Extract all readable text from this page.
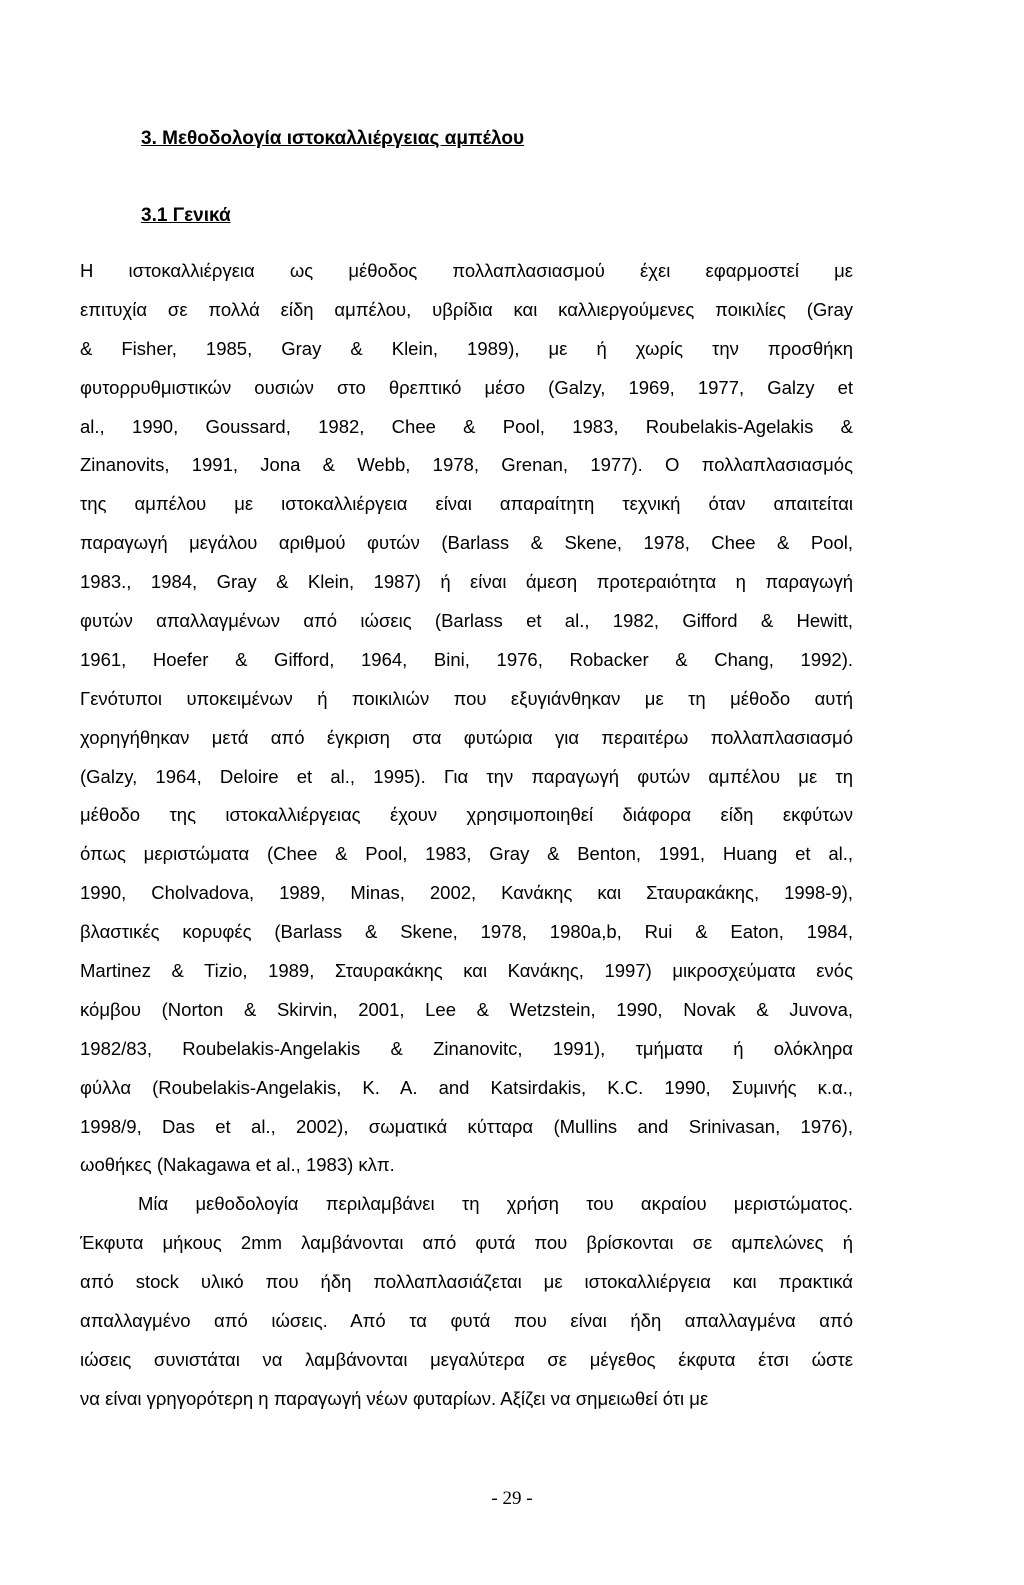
3. Μεθοδολογία ιστοκαλλιέργειας αμπέλου
3.1 Γενικά
Η ιστοκαλλιέργεια ως μέθοδος πολλαπλασιασμού έχει εφαρμοστεί με
επιτυχία σε πολλά είδη αμπέλου, υβρίδια και καλλιεργούμενες ποικιλίες (Gray
& Fisher, 1985, Gray & Klein, 1989), με ή χωρίς την προσθήκη
φυτορρυθμιστικών ουσιών στο θρεπτικό μέσο (Galzy, 1969, 1977, Galzy et
al., 1990, Goussard, 1982, Chee & Pool, 1983, Roubelakis-Agelakis &
Zinanovits, 1991, Jona & Webb, 1978, Grenan, 1977). Ο πολλαπλασιασμός
της αμπέλου με ιστοκαλλιέργεια είναι απαραίτητη τεχνική όταν απαιτείται
παραγωγή μεγάλου αριθμού φυτών (Barlass & Skene, 1978, Chee & Pool,
1983., 1984, Gray & Klein, 1987) ή είναι άμεση προτεραιότητα η παραγωγή
φυτών απαλλαγμένων από ιώσεις (Barlass et al., 1982, Gifford & Hewitt,
1961, Hoefer & Gifford, 1964, Bini, 1976, Robacker & Chang, 1992).
Γενότυποι υποκειμένων ή ποικιλιών που εξυγιάνθηκαν με τη μέθοδο αυτή
χορηγήθηκαν μετά από έγκριση στα φυτώρια για περαιτέρω πολλαπλασιασμό
(Galzy, 1964, Deloire et al., 1995). Για την παραγωγή φυτών αμπέλου με τη
μέθοδο της ιστοκαλλιέργειας έχουν χρησιμοποιηθεί διάφορα είδη εκφύτων
όπως μεριστώματα (Chee & Pool, 1983, Gray & Benton, 1991, Huang et al.,
1990, Cholvadova, 1989, Minas, 2002, Κανάκης και Σταυρακάκης, 1998-9),
βλαστικές κορυφές (Barlass & Skene, 1978, 1980a,b, Rui & Eaton, 1984,
Martinez & Tizio, 1989, Σταυρακάκης και Κανάκης, 1997) μικροσχεύματα ενός
κόμβου (Norton & Skirvin, 2001, Lee & Wetzstein, 1990, Novak & Juvova,
1982/83, Roubelakis-Angelakis & Zinanovitc, 1991), τμήματα ή ολόκληρα
φύλλα (Roubelakis-Angelakis, K. A. and Katsirdakis, K.C. 1990, Συμινής κ.α.,
1998/9, Das et al., 2002), σωματικά κύτταρα (Mullins and Srinivasan, 1976),
ωοθήκες (Nakagawa et al., 1983) κλπ.
Μία μεθοδολογία περιλαμβάνει τη χρήση του ακραίου μεριστώματος.
Έκφυτα μήκους 2mm λαμβάνονται από φυτά που βρίσκονται σε αμπελώνες ή
από stock υλικό που ήδη πολλαπλασιάζεται με ιστοκαλλιέργεια και πρακτικά
απαλλαγμένο από ιώσεις. Από τα φυτά που είναι ήδη απαλλαγμένα από
ιώσεις συνιστάται να λαμβάνονται μεγαλύτερα σε μέγεθος έκφυτα έτσι ώστε
να είναι γρηγορότερη η παραγωγή νέων φυταρίων. Αξίζει να σημειωθεί ότι με
- 29 -
